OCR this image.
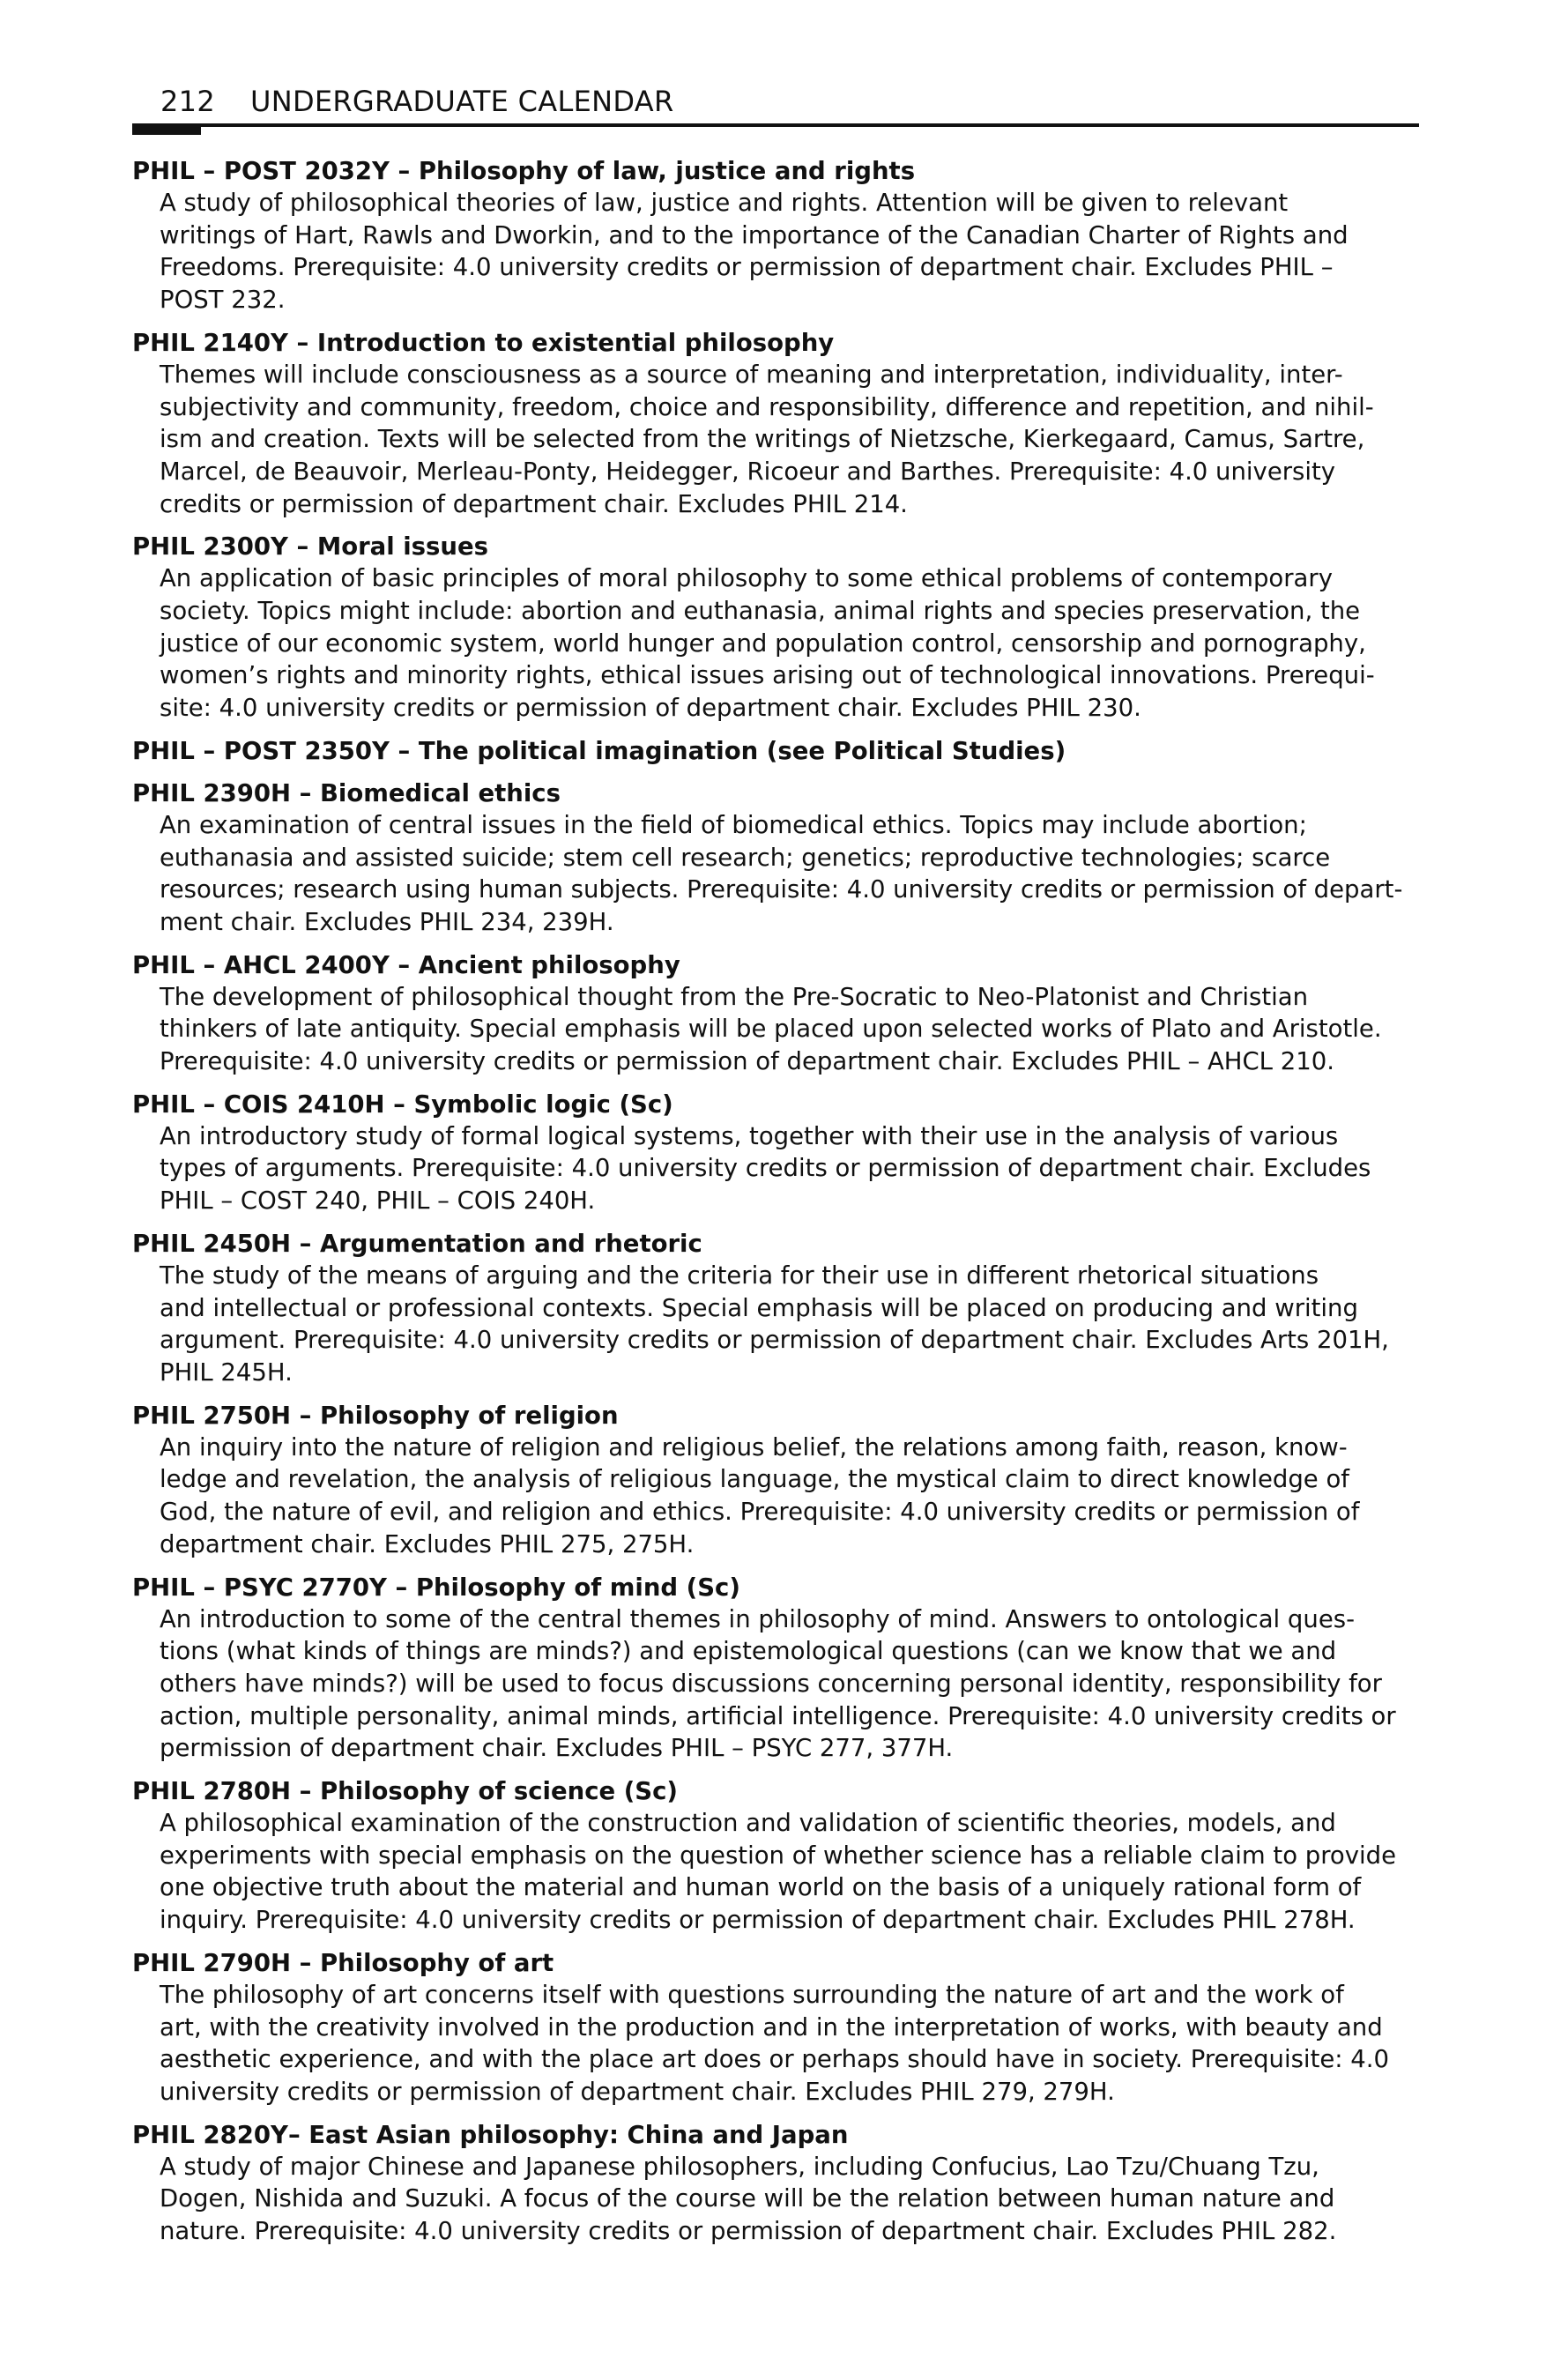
212 UNDERGRADUATE CALENDAR
PHIL – POST 2032Y – Philosophy of law, justice and rights
A study of philosophical theories of law, justice and rights. Attention will be given to relevant
writings of Hart, Rawls and Dworkin, and to the importance of the Canadian Charter of Rights and
Freedoms. Prerequisite: 4.0 university credits or permission of department chair. Excludes PHIL –
POST 232.
PHIL 2140Y – Introduction to existential philosophy
Themes will include consciousness as a source of meaning and interpretation, individuality, inter-
subjectivity and community, freedom, choice and responsibility, difference and repetition, and nihil-
ism and creation. Texts will be selected from the writings of Nietzsche, Kierkegaard, Camus, Sartre,
Marcel, de Beauvoir, Merleau-Ponty, Heidegger, Ricoeur and Barthes. Prerequisite: 4.0 university
credits or permission of department chair. Excludes PHIL 214.
PHIL 2300Y – Moral issues
An application of basic principles of moral philosophy to some ethical problems of contemporary
society. Topics might include: abortion and euthanasia, animal rights and species preservation, the
justice of our economic system, world hunger and population control, censorship and pornography,
women’s rights and minority rights, ethical issues arising out of technological innovations. Prerequi-
site: 4.0 university credits or permission of department chair. Excludes PHIL 230.
PHIL – POST 2350Y – The political imagination (see Political Studies)
PHIL 2390H – Biomedical ethics
An examination of central issues in the field of biomedical ethics. Topics may include abortion;
euthanasia and assisted suicide; stem cell research; genetics; reproductive technologies; scarce
resources; research using human subjects. Prerequisite: 4.0 university credits or permission of depart-
ment chair. Excludes PHIL 234, 239H.
PHIL – AHCL 2400Y – Ancient philosophy
The development of philosophical thought from the Pre-Socratic to Neo-Platonist and Christian
thinkers of late antiquity. Special emphasis will be placed upon selected works of Plato and Aristotle.
Prerequisite: 4.0 university credits or permission of department chair. Excludes PHIL – AHCL 210.
PHIL – COIS 2410H – Symbolic logic (Sc)
An introductory study of formal logical systems, together with their use in the analysis of various
types of arguments. Prerequisite: 4.0 university credits or permission of department chair. Excludes
PHIL – COST 240, PHIL – COIS 240H.
PHIL 2450H – Argumentation and rhetoric
The study of the means of arguing and the criteria for their use in different rhetorical situations
and intellectual or professional contexts. Special emphasis will be placed on producing and writing
argument. Prerequisite: 4.0 university credits or permission of department chair. Excludes Arts 201H,
PHIL 245H.
PHIL 2750H – Philosophy of religion
An inquiry into the nature of religion and religious belief, the relations among faith, reason, know-
ledge and revelation, the analysis of religious language, the mystical claim to direct knowledge of
God, the nature of evil, and religion and ethics. Prerequisite: 4.0 university credits or permission of
department chair. Excludes PHIL 275, 275H.
PHIL – PSYC 2770Y – Philosophy of mind (Sc)
An introduction to some of the central themes in philosophy of mind. Answers to ontological ques-
tions (what kinds of things are minds?) and epistemological questions (can we know that we and
others have minds?) will be used to focus discussions concerning personal identity, responsibility for
action, multiple personality, animal minds, artificial intelligence. Prerequisite: 4.0 university credits or
permission of department chair. Excludes PHIL – PSYC 277, 377H.
PHIL 2780H – Philosophy of science (Sc)
A philosophical examination of the construction and validation of scientific theories, models, and
experiments with special emphasis on the question of whether science has a reliable claim to provide
one objective truth about the material and human world on the basis of a uniquely rational form of
inquiry. Prerequisite: 4.0 university credits or permission of department chair. Excludes PHIL 278H.
PHIL 2790H – Philosophy of art
The philosophy of art concerns itself with questions surrounding the nature of art and the work of
art, with the creativity involved in the production and in the interpretation of works, with beauty and
aesthetic experience, and with the place art does or perhaps should have in society. Prerequisite: 4.0
university credits or permission of department chair. Excludes PHIL 279, 279H.
PHIL 2820Y– East Asian philosophy: China and Japan
A study of major Chinese and Japanese philosophers, including Confucius, Lao Tzu/Chuang Tzu,
Dogen, Nishida and Suzuki. A focus of the course will be the relation between human nature and
nature. Prerequisite: 4.0 university credits or permission of department chair. Excludes PHIL 282.
